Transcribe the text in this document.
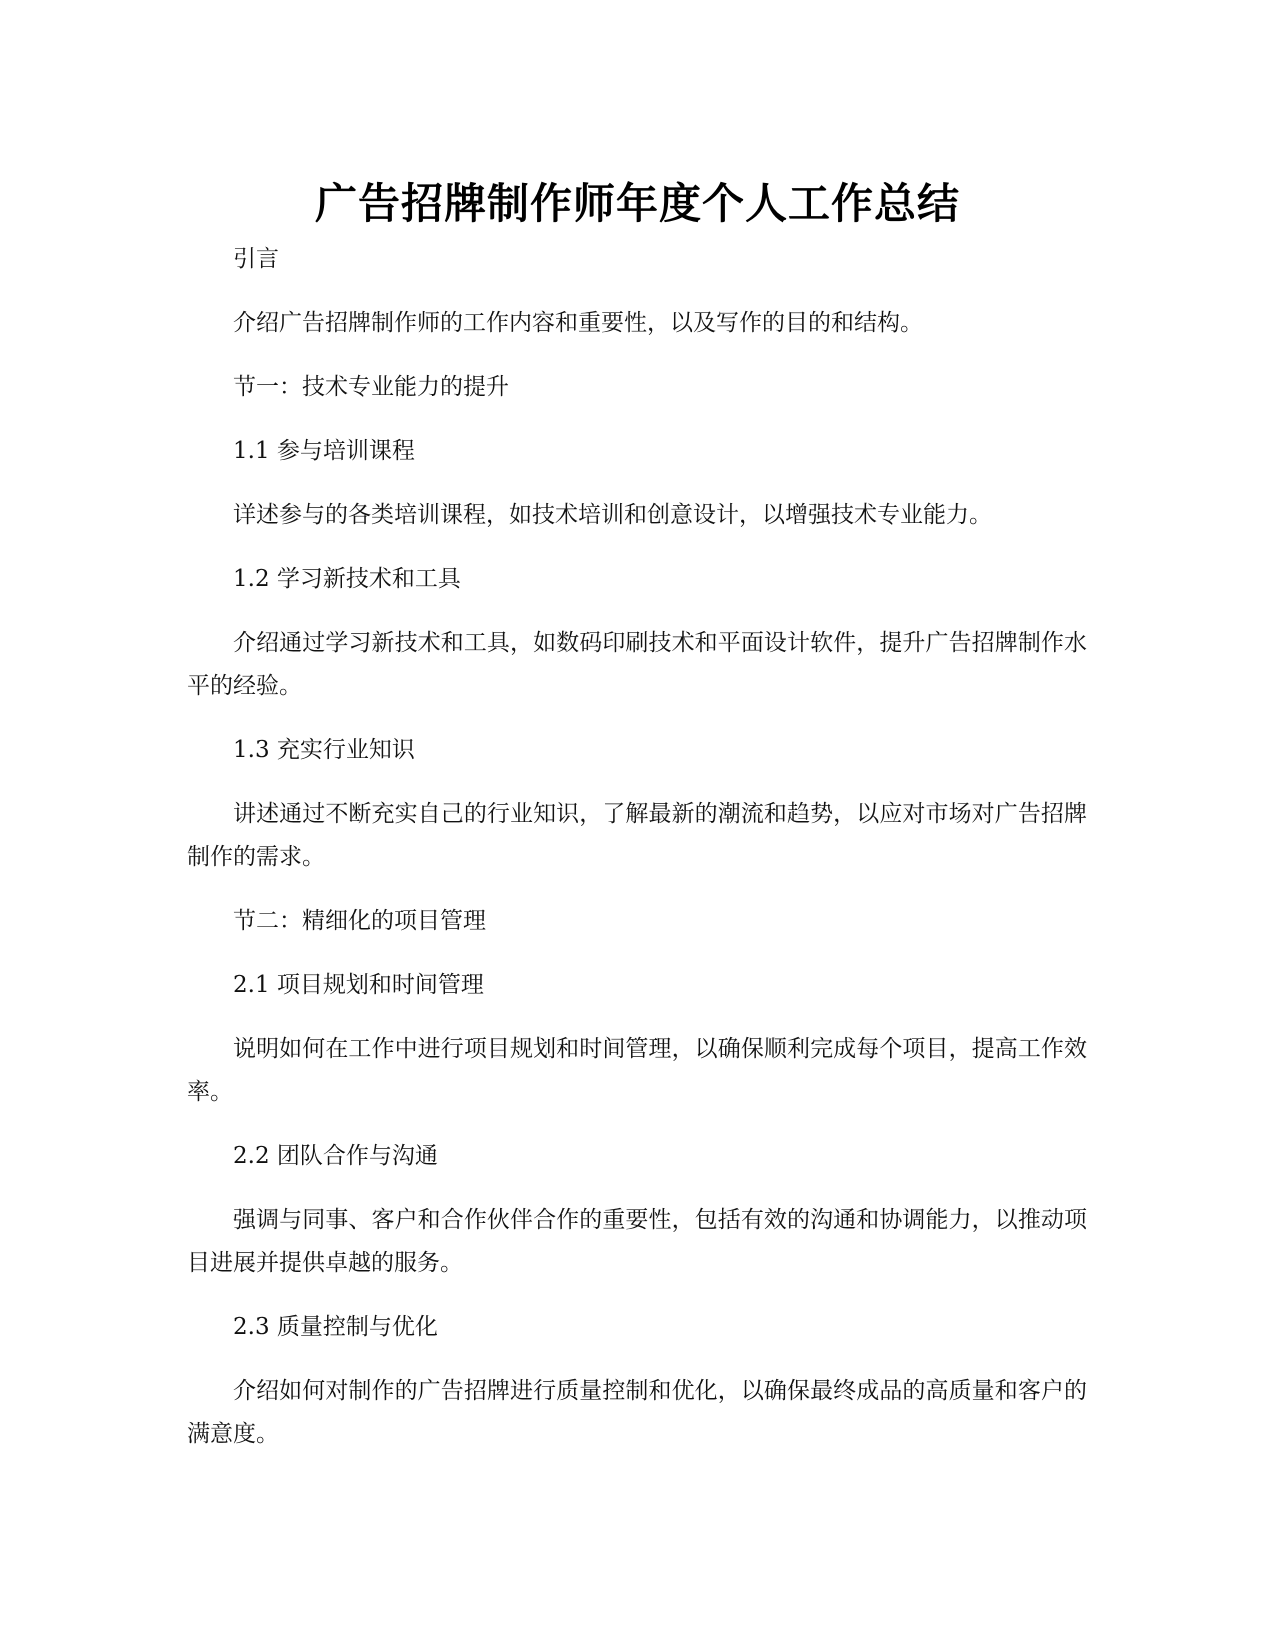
广告招牌制作师年度个人工作总结

引言

介绍广告招牌制作师的工作内容和重要性，以及写作的目的和结构。

节一：技术专业能力的提升

1.1 参与培训课程

详述参与的各类培训课程，如技术培训和创意设计，以增强技术专业能力。

1.2 学习新技术和工具

介绍通过学习新技术和工具，如数码印刷技术和平面设计软件，提升广告招牌制作水平的经验。

1.3 充实行业知识

讲述通过不断充实自己的行业知识，了解最新的潮流和趋势，以应对市场对广告招牌制作的需求。

节二：精细化的项目管理

2.1 项目规划和时间管理

说明如何在工作中进行项目规划和时间管理，以确保顺利完成每个项目，提高工作效率。

2.2 团队合作与沟通

强调与同事、客户和合作伙伴合作的重要性，包括有效的沟通和协调能力，以推动项目进展并提供卓越的服务。

2.3 质量控制与优化

介绍如何对制作的广告招牌进行质量控制和优化，以确保最终成品的高质量和客户的满意度。
